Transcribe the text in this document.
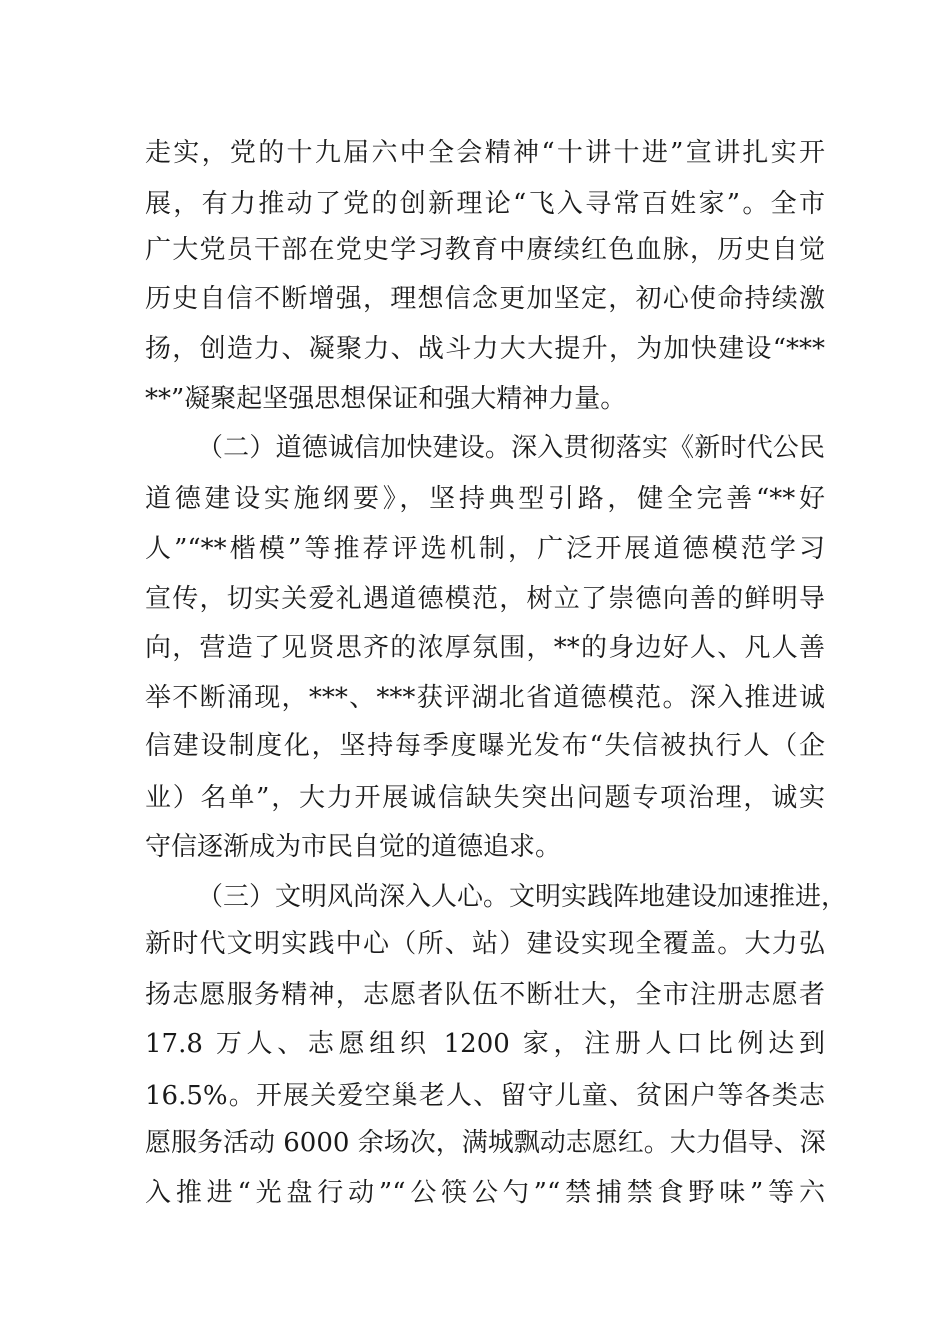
走实，党的十九届六中全会精神“十讲十进”宣讲扎实开
展，有力推动了党的创新理论“飞入寻常百姓家”。全市
广大党员干部在党史学习教育中赓续红色血脉，历史自觉
历史自信不断增强，理想信念更加坚定，初心使命持续激
扬，创造力、凝聚力、战斗力大大提升，为加快建设“***
**”凝聚起坚强思想保证和强大精神力量。
（二）道德诚信加快建设。深入贯彻落实《新时代公民
道德建设实施纲要》，坚持典型引路，健全完善“**好
人”“**楷模”等推荐评选机制，广泛开展道德模范学习
宣传，切实关爱礼遇道德模范，树立了崇德向善的鲜明导
向，营造了见贤思齐的浓厚氛围，**的身边好人、凡人善
举不断涌现，***、***获评湖北省道德模范。深入推进诚
信建设制度化，坚持每季度曝光发布“失信被执行人（企
业）名单”，大力开展诚信缺失突出问题专项治理，诚实
守信逐渐成为市民自觉的道德追求。
（三）文明风尚深入人心。文明实践阵地建设加速推进，
新时代文明实践中心（所、站）建设实现全覆盖。大力弘
扬志愿服务精神，志愿者队伍不断壮大，全市注册志愿者
17.8 万人、志愿组织 1200 家，注册人口比例达到
16.5%。开展关爱空巢老人、留守儿童、贫困户等各类志
愿服务活动 6000 余场次，满城飘动志愿红。大力倡导、深
入推进“光盘行动”“公筷公勺”“禁捕禁食野味”等六
